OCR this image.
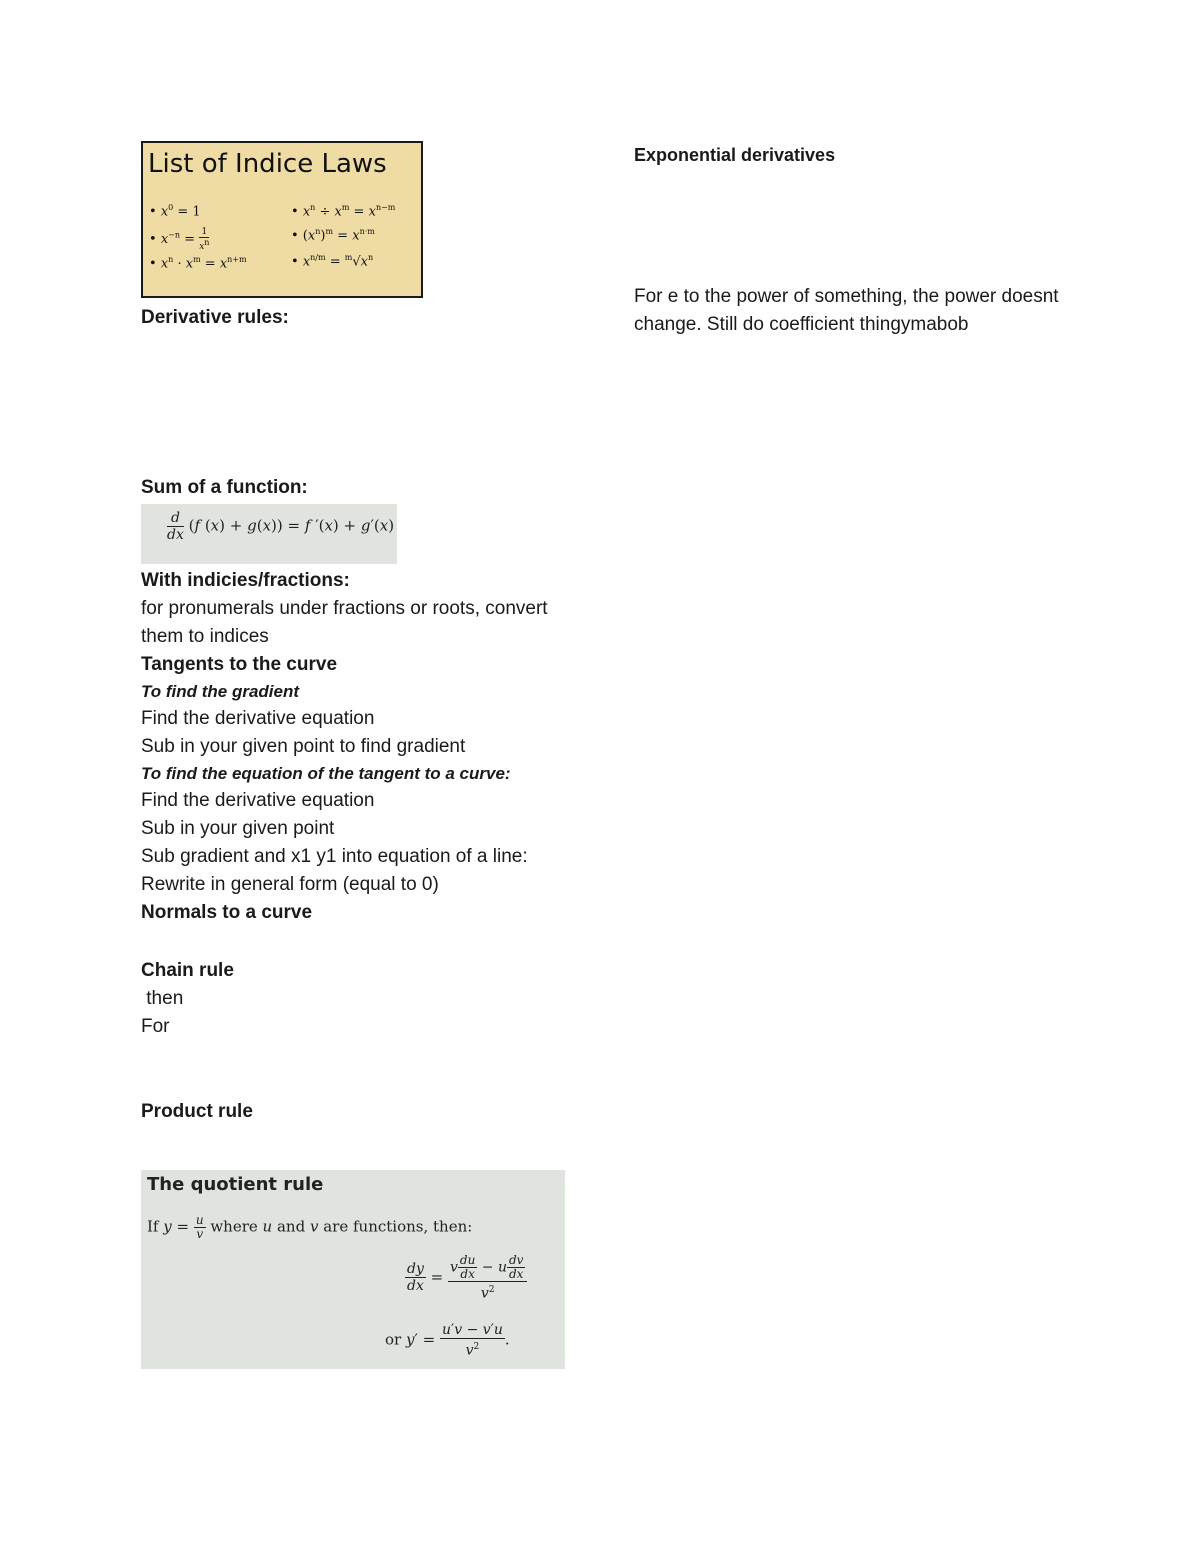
List of Indice Laws
• $x^0 = 1$
• $x^{-n} = \frac{1}{x^n}$
• $x^n \cdot x^m = x^{n+m}$
• $x^n \div x^m = x^{n-m}$
• $(x^n)^m = x^{n\cdot m}$
• $x^{n/m} = ^m√x^n$

Derivative rules:

Sum of a function:

$\frac{d}{dx} (f$ (x) + g(x)) = f ′(x) + g′(x)

With indicies/fractions:

for pronumerals under fractions or roots, convert them to indices

Tangents to the curve

To find the gradient

Find the derivative equation

Sub in your given point to find gradient

To find the equation of the tangent to a curve:

Find the derivative equation

Sub in your given point

Sub gradient and x1 y1 into equation of a line:

Rewrite in general form (equal to 0)

Normals to a curve

Chain rule

then

For

Product rule

The quotient rule
If $y = \frac{u}{v}$ where u and v are functions, then:
$\frac{dy}{dx} = \frac{v \frac{du}{dx} - u \frac{dv}{dx}}{v^2}$
or $y' = \frac{u'v - v'u}{v^2}$ .

Exponential derivatives

For e to the power of something, the power doesnt change. Still do coefficient thingymabob
